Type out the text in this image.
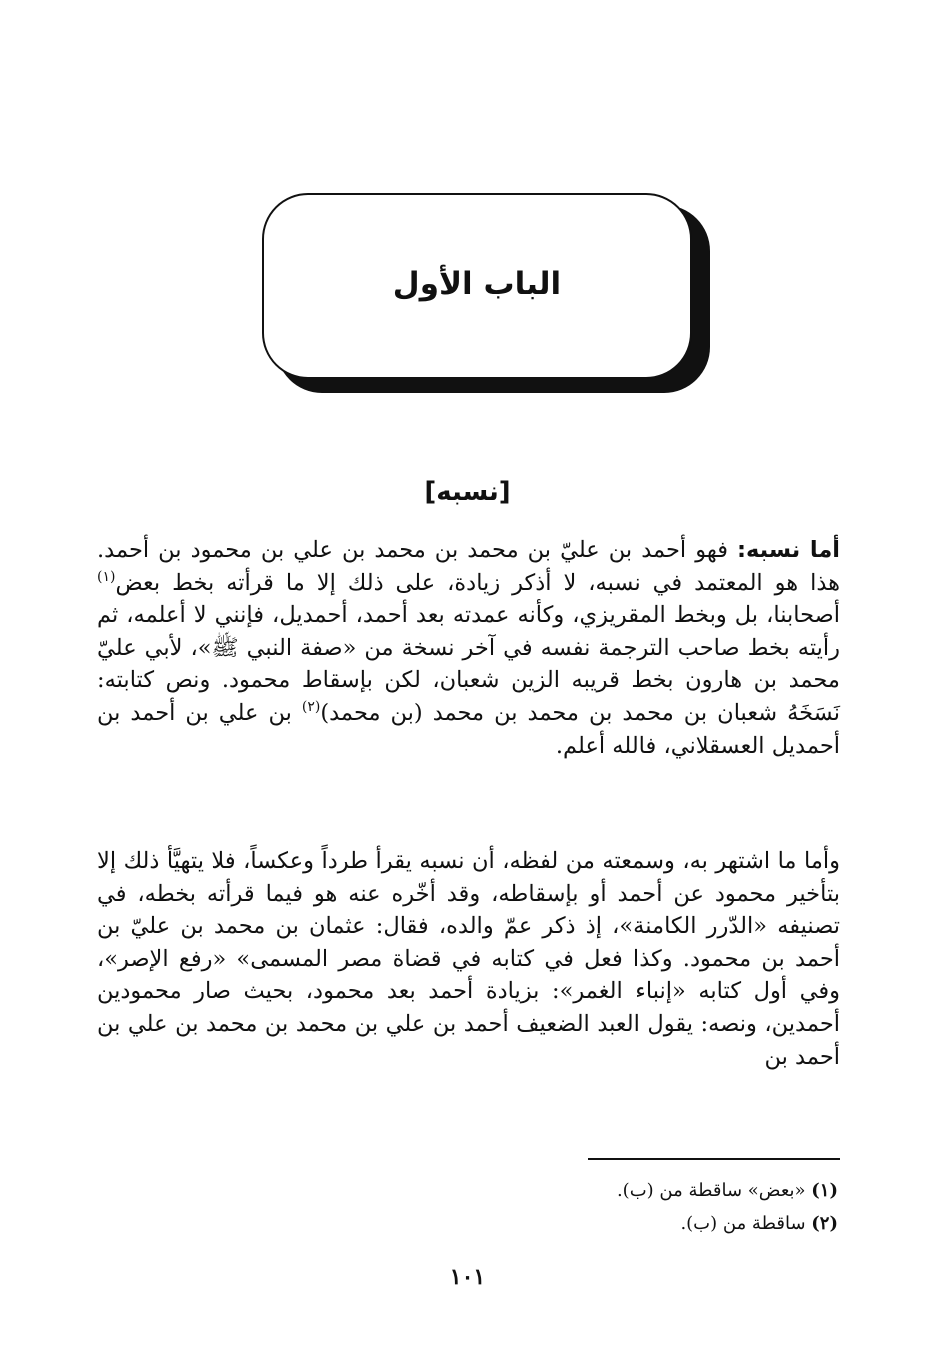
الباب الأول
[نسبه]
أما نسبه: فهو أحمد بن عليّ بن محمد بن محمد بن علي بن محمود بن أحمد. هذا هو المعتمد في نسبه، لا أذكر زيادة، على ذلك إلا ما قرأته بخط بعض$^{(١)}$ أصحابنا، بل وبخط المقريزي، وكأنه عمدته بعد أحمد، أحمديل، فإنني لا أعلمه، ثم رأيته بخط صاحب الترجمة نفسه في آخر نسخة من «صفة النبي ﷺ»، لأبي عليّ محمد بن هارون بخط قريبه الزين شعبان، لكن بإسقاط محمود. ونص كتابته: نَسَخَهُ شعبان بن محمد بن محمد بن محمد (بن محمد)$^{(٢)}$ بن علي بن أحمد بن أحمديل العسقلاني، فالله أعلم.
وأما ما اشتهر به، وسمعته من لفظه، أن نسبه يقرأ طرداً وعكساً، فلا يتهيَّأ ذلك إلا بتأخير محمود عن أحمد أو بإسقاطه، وقد أخّره عنه هو فيما قرأته بخطه، في تصنيفه «الدّرر الكامنة»، إذ ذكر عمّ والده، فقال: عثمان بن محمد بن عليّ بن أحمد بن محمود. وكذا فعل في كتابه في قضاة مصر المسمى» «رفع الإصر»، وفي أول كتابه «إنباء الغمر»: بزيادة أحمد بعد محمود، بحيث صار محمودين أحمدين، ونصه: يقول العبد الضعيف أحمد بن علي بن محمد بن محمد بن علي بن أحمد بن
(١) «بعض» ساقطة من (ب).
(٢) ساقطة من (ب).
١٠١
